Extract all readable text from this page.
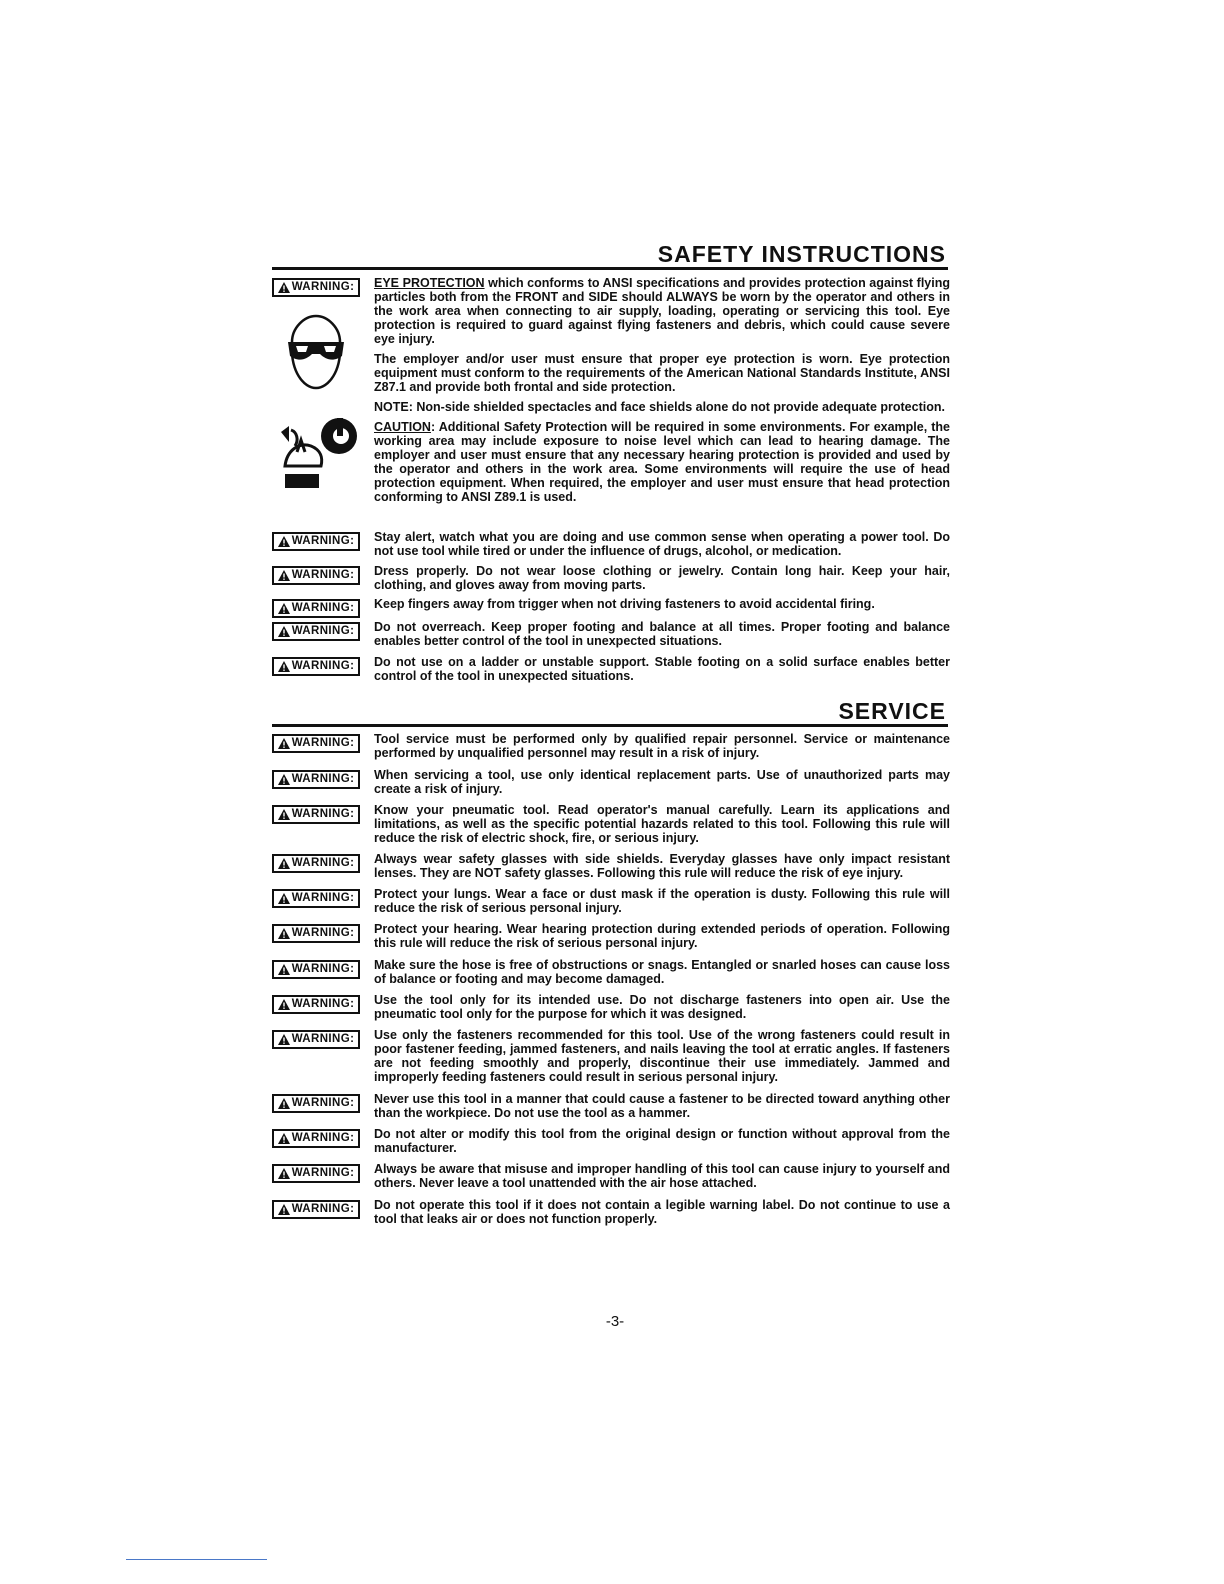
SAFETY INSTRUCTIONS
WARNING: EYE PROTECTION which conforms to ANSI specifications and provides protection against flying particles both from the FRONT and SIDE should ALWAYS be worn by the operator and others in the work area when connecting to air supply, loading, operating or servicing this tool. Eye protection is required to guard against flying fasteners and debris, which could cause severe eye injury.

The employer and/or user must ensure that proper eye protection is worn. Eye protection equipment must conform to the requirements of the American National Standards Institute, ANSI Z87.1 and provide both frontal and side protection.

NOTE: Non-side shielded spectacles and face shields alone do not provide adequate protection.

CAUTION: Additional Safety Protection will be required in some environments. For example, the working area may include exposure to noise level which can lead to hearing damage. The employer and user must ensure that any necessary hearing protection is provided and used by the operator and others in the work area. Some environments will require the use of head protection equipment. When required, the employer and user must ensure that head protection conforming to ANSI Z89.1 is used.

WARNING: Stay alert, watch what you are doing and use common sense when operating a power tool. Do not use tool while tired or under the influence of drugs, alcohol, or medication.

WARNING: Dress properly. Do not wear loose clothing or jewelry. Contain long hair. Keep your hair, clothing, and gloves away from moving parts.

WARNING: Keep fingers away from trigger when not driving fasteners to avoid accidental firing.

WARNING: Do not overreach. Keep proper footing and balance at all times. Proper footing and balance enables better control of the tool in unexpected situations.

WARNING: Do not use on a ladder or unstable support. Stable footing on a solid surface enables better control of the tool in unexpected situations.

SERVICE
WARNING: Tool service must be performed only by qualified repair personnel. Service or maintenance performed by unqualified personnel may result in a risk of injury.

WARNING: When servicing a tool, use only identical replacement parts. Use of unauthorized parts may create a risk of injury.

WARNING: Know your pneumatic tool. Read operator's manual carefully. Learn its applications and limitations, as well as the specific potential hazards related to this tool. Following this rule will reduce the risk of electric shock, fire, or serious injury.

WARNING: Always wear safety glasses with side shields. Everyday glasses have only impact resistant lenses. They are NOT safety glasses. Following this rule will reduce the risk of eye injury.

WARNING: Protect your lungs. Wear a face or dust mask if the operation is dusty. Following this rule will reduce the risk of serious personal injury.

WARNING: Protect your hearing. Wear hearing protection during extended periods of operation. Following this rule will reduce the risk of serious personal injury.

WARNING: Make sure the hose is free of obstructions or snags. Entangled or snarled hoses can cause loss of balance or footing and may become damaged.

WARNING: Use the tool only for its intended use. Do not discharge fasteners into open air. Use the pneumatic tool only for the purpose for which it was designed.

WARNING: Use only the fasteners recommended for this tool. Use of the wrong fasteners could result in poor fastener feeding, jammed fasteners, and nails leaving the tool at erratic angles. If fasteners are not feeding smoothly and properly, discontinue their use immediately. Jammed and improperly feeding fasteners could result in serious personal injury.

WARNING: Never use this tool in a manner that could cause a fastener to be directed toward anything other than the workpiece. Do not use the tool as a hammer.

WARNING: Do not alter or modify this tool from the original design or function without approval from the manufacturer.

WARNING: Always be aware that misuse and improper handling of this tool can cause injury to yourself and others. Never leave a tool unattended with the air hose attached.

WARNING: Do not operate this tool if it does not contain a legible warning label. Do not continue to use a tool that leaks air or does not function properly.

-3-
